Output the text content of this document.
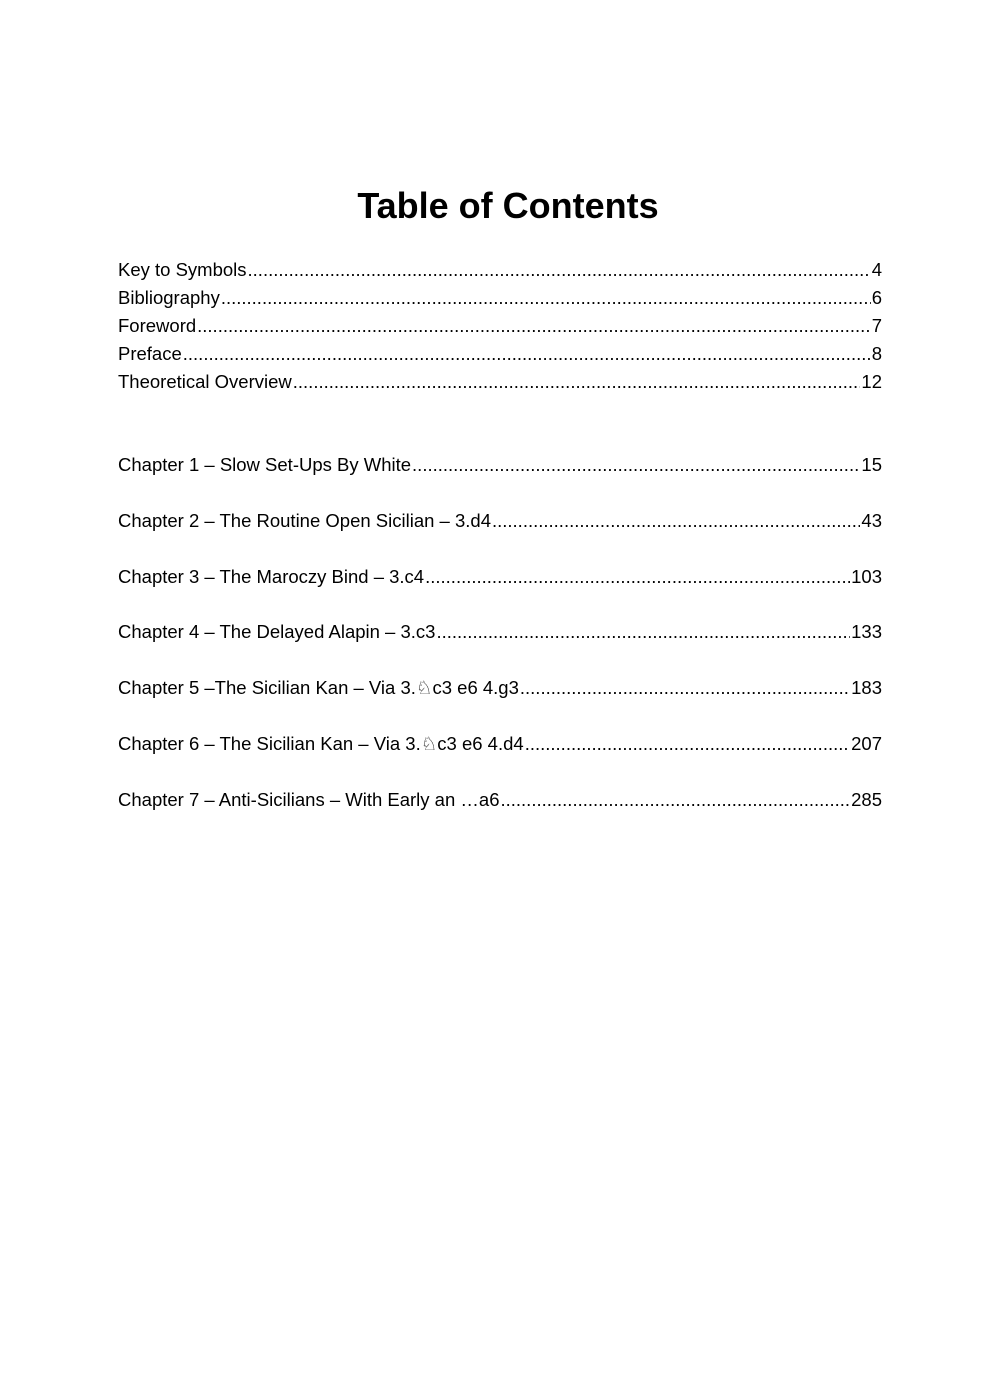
Table of Contents
Key to Symbols .....	4
Bibliography .....	6
Foreword .....	7
Preface .....	8
Theoretical Overview .....	12
Chapter 1 – Slow Set-Ups By White .....	15
Chapter 2 – The Routine Open Sicilian – 3.d4 .....	43
Chapter 3 – The Maroczy Bind – 3.c4 .....	103
Chapter 4 – The Delayed Alapin – 3.c3 .....	133
Chapter 5 –The Sicilian Kan – Via 3.♘c3 e6 4.g3 .....	183
Chapter 6 – The Sicilian Kan – Via 3.♘c3 e6 4.d4 .....	207
Chapter 7 – Anti-Sicilians – With Early an …a6 .....	285
